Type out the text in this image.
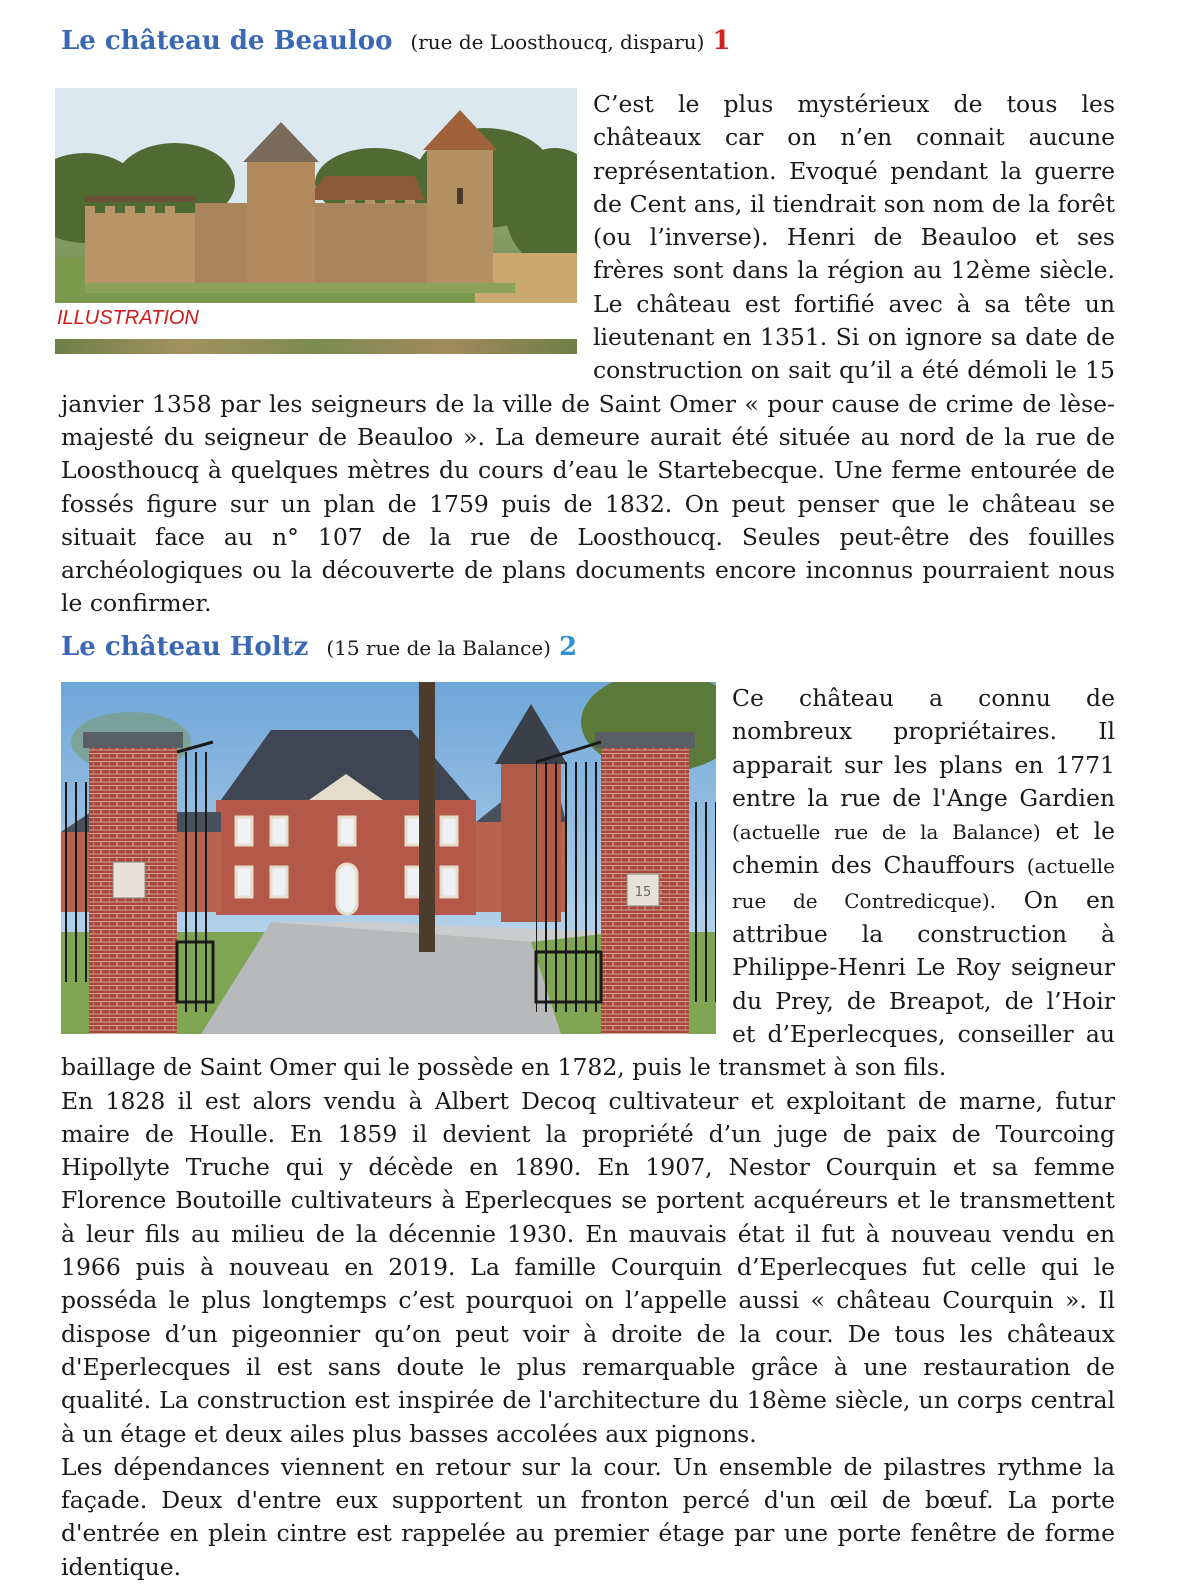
Le château de Beauloo (rue de Loosthoucq, disparu) 1
ILLUSTRATION

C’est le plus mystérieux de tous les châteaux car on n’en connait aucune représentation. Evoqué pendant la guerre de Cent ans, il tiendrait son nom de la forêt (ou l’inverse). Henri de Beauloo et ses frères sont dans la région au 12ème siècle. Le château est fortifié avec à sa tête un lieutenant en 1351. Si on ignore sa date de construction on sait qu’il a été démoli le 15 janvier 1358 par les seigneurs de la ville de Saint Omer « pour cause de crime de lèse-majesté du seigneur de Beauloo ». La demeure aurait été située au nord de la rue de Loosthoucq à quelques mètres du cours d’eau le Startebecque. Une ferme entourée de fossés figure sur un plan de 1759 puis de 1832. On peut penser que le château se situait face au n° 107 de la rue de Loosthoucq. Seules peut-être des fouilles archéologiques ou la découverte de plans documents encore inconnus pourraient nous le confirmer.

Le château Holtz (15 rue de la Balance) 2
15

Ce château a connu de nombreux propriétaires. Il apparait sur les plans en 1771 entre la rue de l'Ange Gardien (actuelle rue de la Balance) et le chemin des Chauffours (actuelle rue de Contredicque). On en attribue la construction à Philippe-Henri Le Roy seigneur du Prey, de Breapot, de l’Hoir et d’Eperlecques, conseiller au baillage de Saint Omer qui le possède en 1782, puis le transmet à son fils.

En 1828 il est alors vendu à Albert Decoq cultivateur et exploitant de marne, futur maire de Houlle. En 1859 il devient la propriété d’un juge de paix de Tourcoing Hipollyte Truche qui y décède en 1890. En 1907, Nestor Courquin et sa femme Florence Boutoille cultivateurs à Eperlecques se portent acquéreurs et le transmettent à leur fils au milieu de la décennie 1930. En mauvais état il fut à nouveau vendu en 1966 puis à nouveau en 2019. La famille Courquin d’Eperlecques fut celle qui le posséda le plus longtemps c’est pourquoi on l’appelle aussi « château Courquin ». Il dispose d’un pigeonnier qu’on peut voir à droite de la cour. De tous les châteaux d'Eperlecques il est sans doute le plus remarquable grâce à une restauration de qualité. La construction est inspirée de l'architecture du 18ème siècle, un corps central à un étage et deux ailes plus basses accolées aux pignons.

Les dépendances viennent en retour sur la cour. Un ensemble de pilastres rythme la façade. Deux d'entre eux supportent un fronton percé d'un œil de bœuf. La porte d'entrée en plein cintre est rappelée au premier étage par une porte fenêtre de forme identique.
